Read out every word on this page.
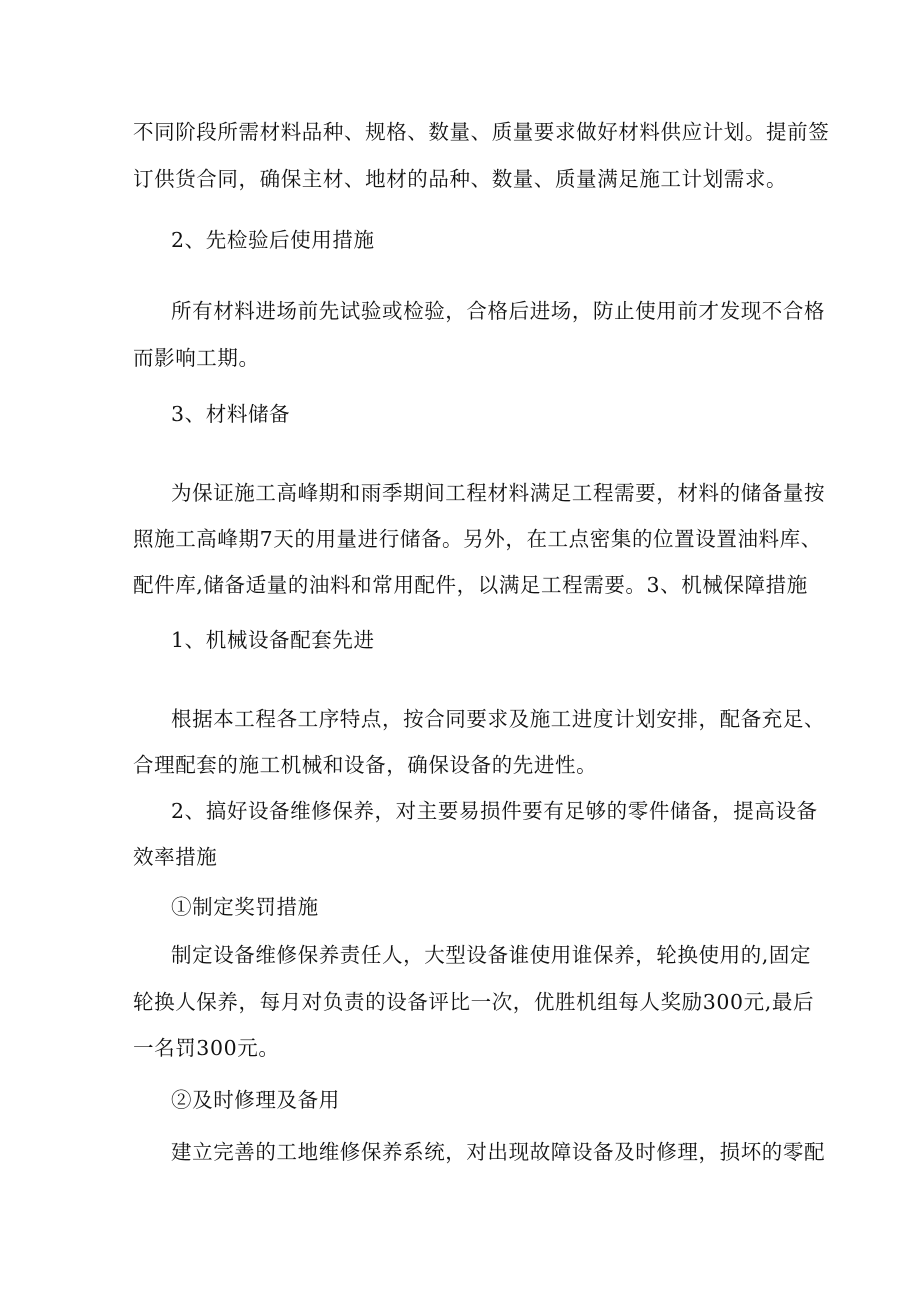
不同阶段所需材料品种、规格、数量、质量要求做好材料供应计划。提前签
订供货合同，确保主材、地材的品种、数量、质量满足施工计划需求。
2、先检验后使用措施
所有材料进场前先试验或检验，合格后进场，防止使用前才发现不合格
而影响工期。
3、材料储备
为保证施工高峰期和雨季期间工程材料满足工程需要，材料的储备量按
照施工高峰期7天的用量进行储备。另外，在工点密集的位置设置油料库、
配件库,储备适量的油料和常用配件，以满足工程需要。3、机械保障措施
1、机械设备配套先进
根据本工程各工序特点，按合同要求及施工进度计划安排，配备充足、
合理配套的施工机械和设备，确保设备的先进性。
2、搞好设备维修保养，对主要易损件要有足够的零件储备，提高设备
效率措施
①制定奖罚措施
制定设备维修保养责任人，大型设备谁使用谁保养，轮换使用的,固定
轮换人保养，每月对负责的设备评比一次，优胜机组每人奖励300元,最后
一名罚300元。
②及时修理及备用
建立完善的工地维修保养系统，对出现故障设备及时修理，损坏的零配
